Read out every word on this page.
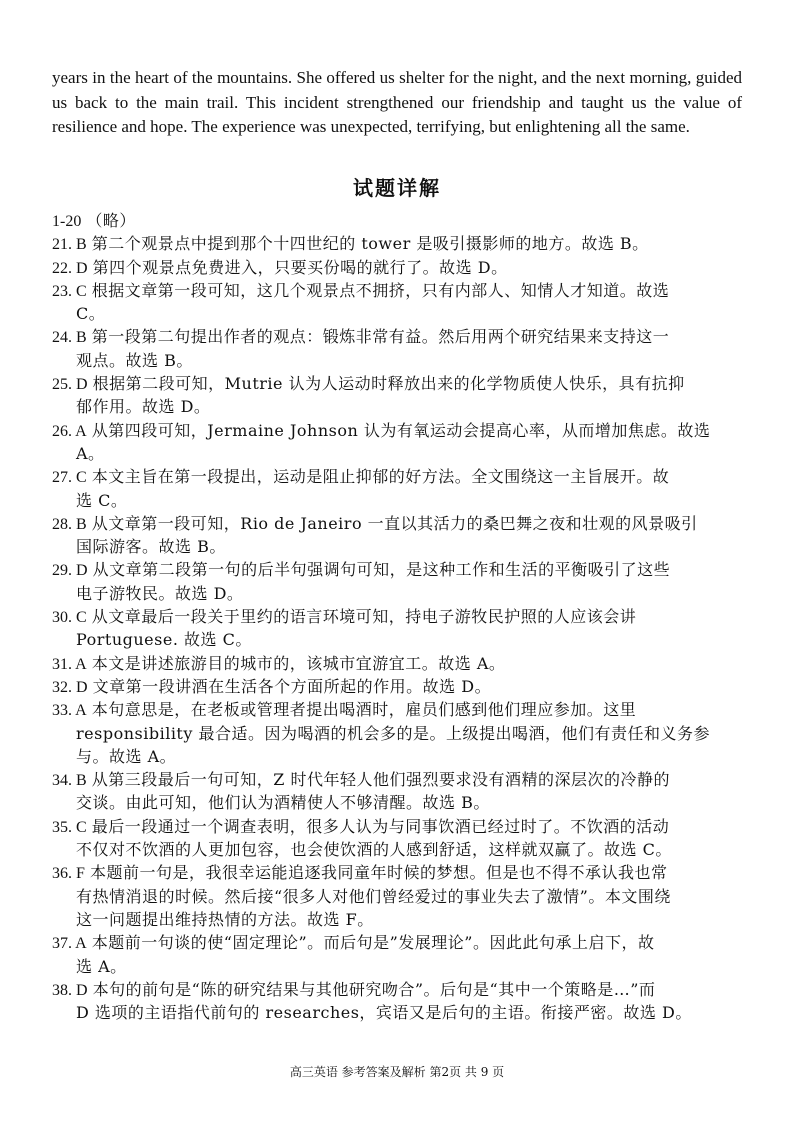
years in the heart of the mountains. She offered us shelter for the night, and the next morning, guided us back to the main trail. This incident strengthened our friendship and taught us the value of resilience and hope. The experience was unexpected, terrifying, but enlightening all the same.
试题详解
1-20 （略）
21. B 第二个观景点中提到那个十四世纪的 tower 是吸引摄影师的地方。故选 B。
22. D 第四个观景点免费进入，只要买份喝的就行了。故选 D。
23. C 根据文章第一段可知，这几个观景点不拥挤，只有内部人、知情人才知道。故选
C。
24. B 第一段第二句提出作者的观点：锻炼非常有益。然后用两个研究结果来支持这一
观点。故选 B。
25. D 根据第二段可知，Mutrie 认为人运动时释放出来的化学物质使人快乐，具有抗抑
郁作用。故选 D。
26. A 从第四段可知，Jermaine Johnson 认为有氧运动会提高心率，从而增加焦虑。故选
A。
27. C 本文主旨在第一段提出，运动是阻止抑郁的好方法。全文围绕这一主旨展开。故
选 C。
28. B 从文章第一段可知，Rio de Janeiro 一直以其活力的桑巴舞之夜和壮观的风景吸引
国际游客。故选 B。
29. D 从文章第二段第一句的后半句强调句可知，是这种工作和生活的平衡吸引了这些
电子游牧民。故选 D。
30. C 从文章最后一段关于里约的语言环境可知，持电子游牧民护照的人应该会讲
Portuguese. 故选 C。
31. A 本文是讲述旅游目的城市的，该城市宜游宜工。故选 A。
32. D 文章第一段讲酒在生活各个方面所起的作用。故选 D。
33. A 本句意思是，在老板或管理者提出喝酒时，雇员们感到他们理应参加。这里
responsibility 最合适。因为喝酒的机会多的是。上级提出喝酒，他们有责任和义务参
与。故选 A。
34. B 从第三段最后一句可知，Z 时代年轻人他们强烈要求没有酒精的深层次的冷静的
交谈。由此可知，他们认为酒精使人不够清醒。故选 B。
35. C 最后一段通过一个调查表明，很多人认为与同事饮酒已经过时了。不饮酒的活动
不仅对不饮酒的人更加包容，也会使饮酒的人感到舒适，这样就双赢了。故选 C。
36. F 本题前一句是，我很幸运能追逐我同童年时候的梦想。但是也不得不承认我也常
有热情消退的时候。然后接“很多人对他们曾经爱过的事业失去了激情”。本文围绕
这一问题提出维持热情的方法。故选 F。
37. A 本题前一句谈的使“固定理论”。而后句是”发展理论”。因此此句承上启下，故
选 A。
38. D 本句的前句是“陈的研究结果与其他研究吻合”。后句是“其中一个策略是…”而
D 选项的主语指代前句的 researches，宾语又是后句的主语。衔接严密。故选 D。
高三英语 参考答案及解析 第2页 共 9 页
